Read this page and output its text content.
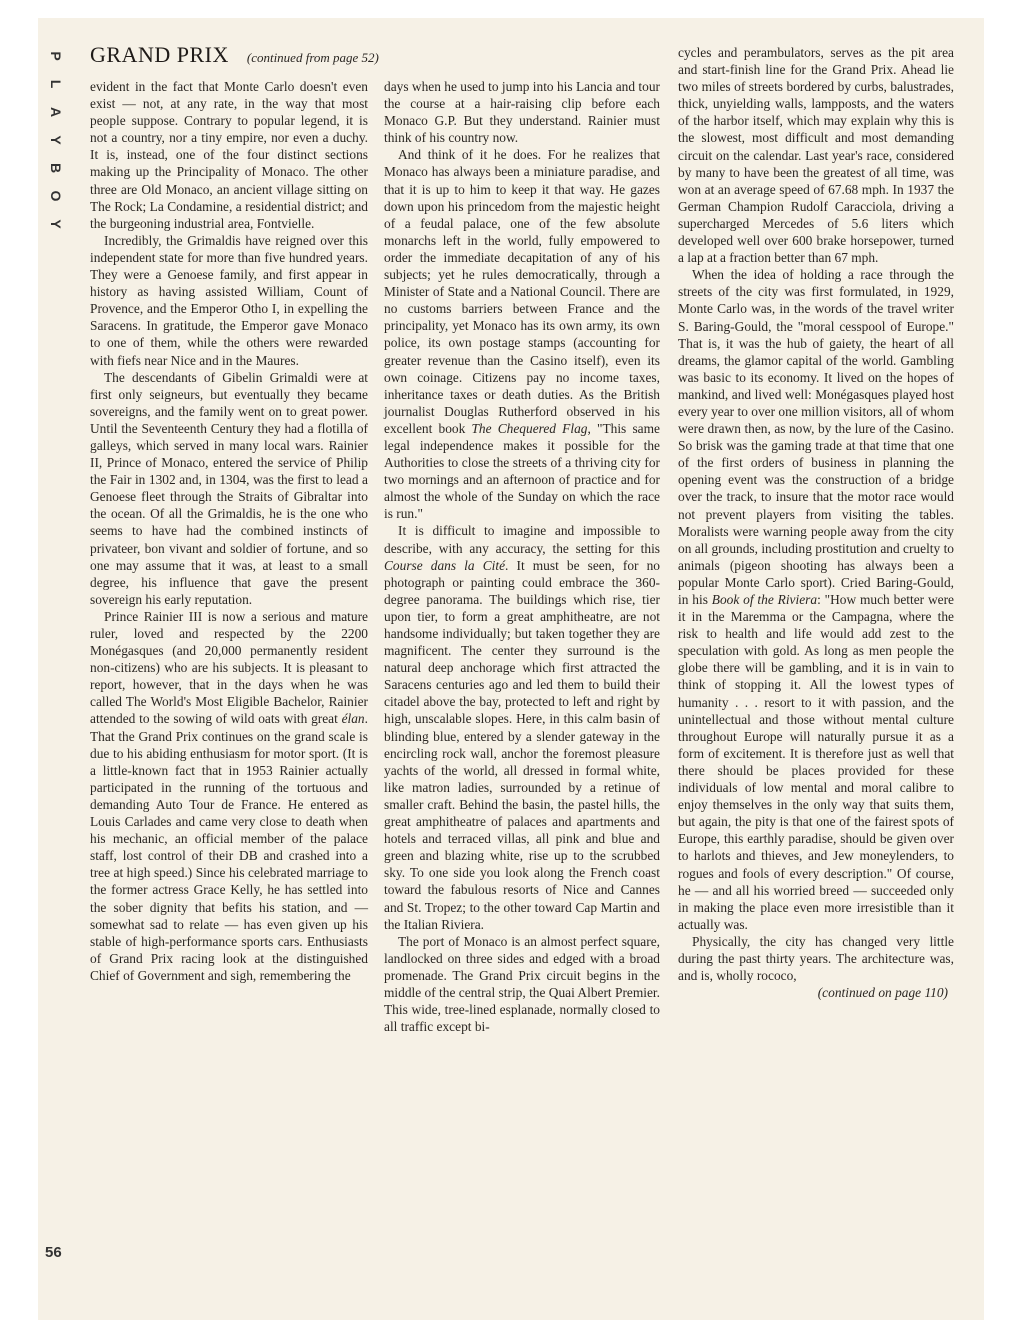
P
L
A
Y
B
O
Y
56
GRAND PRIX (continued from page 52)

evident in the fact that Monte Carlo doesn't even exist — not, at any rate, in the way that most people suppose. Contrary to popular legend, it is not a country, nor a tiny empire, nor even a duchy. It is, instead, one of the four distinct sections making up the Principality of Monaco. The other three are Old Monaco, an ancient village sitting on The Rock; La Condamine, a residential district; and the burgeoning industrial area, Fontvielle.

Incredibly, the Grimaldis have reigned over this independent state for more than five hundred years. They were a Genoese family, and first appear in history as having assisted William, Count of Provence, and the Emperor Otho I, in expelling the Saracens. In gratitude, the Emperor gave Monaco to one of them, while the others were rewarded with fiefs near Nice and in the Maures.

The descendants of Gibelin Grimaldi were at first only seigneurs, but eventually they became sovereigns, and the family went on to great power. Until the Seventeenth Century they had a flotilla of galleys, which served in many local wars. Rainier II, Prince of Monaco, entered the service of Philip the Fair in 1302 and, in 1304, was the first to lead a Genoese fleet through the Straits of Gibraltar into the ocean. Of all the Grimaldis, he is the one who seems to have had the combined instincts of privateer, bon vivant and soldier of fortune, and so one may assume that it was, at least to a small degree, his influence that gave the present sovereign his early reputation.

Prince Rainier III is now a serious and mature ruler, loved and respected by the 2200 Monégasques (and 20,000 permanently resident non-citizens) who are his subjects. It is pleasant to report, however, that in the days when he was called The World's Most Eligible Bachelor, Rainier attended to the sowing of wild oats with great élan. That the Grand Prix continues on the grand scale is due to his abiding enthusiasm for motor sport. (It is a little-known fact that in 1953 Rainier actually participated in the running of the tortuous and demanding Auto Tour de France. He entered as Louis Carlades and came very close to death when his mechanic, an official member of the palace staff, lost control of their DB and crashed into a tree at high speed.) Since his celebrated marriage to the former actress Grace Kelly, he has settled into the sober dignity that befits his station, and — somewhat sad to relate — has even given up his stable of high-performance sports cars. Enthusiasts of Grand Prix racing look at the distinguished Chief of Government and sigh, remembering the

days when he used to jump into his Lancia and tour the course at a hair-raising clip before each Monaco G.P. But they understand. Rainier must think of his country now.

And think of it he does. For he realizes that Monaco has always been a miniature paradise, and that it is up to him to keep it that way. He gazes down upon his princedom from the majestic height of a feudal palace, one of the few absolute monarchs left in the world, fully empowered to order the immediate decapitation of any of his subjects; yet he rules democratically, through a Minister of State and a National Council. There are no customs barriers between France and the principality, yet Monaco has its own army, its own police, its own postage stamps (accounting for greater revenue than the Casino itself), even its own coinage. Citizens pay no income taxes, inheritance taxes or death duties. As the British journalist Douglas Rutherford observed in his excellent book The Chequered Flag, "This same legal independence makes it possible for the Authorities to close the streets of a thriving city for two mornings and an afternoon of practice and for almost the whole of the Sunday on which the race is run."

It is difficult to imagine and impossible to describe, with any accuracy, the setting for this Course dans la Cité. It must be seen, for no photograph or painting could embrace the 360-degree panorama. The buildings which rise, tier upon tier, to form a great amphitheatre, are not handsome individually; but taken together they are magnificent. The center they surround is the natural deep anchorage which first attracted the Saracens centuries ago and led them to build their citadel above the bay, protected to left and right by high, unscalable slopes. Here, in this calm basin of blinding blue, entered by a slender gateway in the encircling rock wall, anchor the foremost pleasure yachts of the world, all dressed in formal white, like matron ladies, surrounded by a retinue of smaller craft. Behind the basin, the pastel hills, the great amphitheatre of palaces and apartments and hotels and terraced villas, all pink and blue and green and blazing white, rise up to the scrubbed sky. To one side you look along the French coast toward the fabulous resorts of Nice and Cannes and St. Tropez; to the other toward Cap Martin and the Italian Riviera.

The port of Monaco is an almost perfect square, landlocked on three sides and edged with a broad promenade. The Grand Prix circuit begins in the middle of the central strip, the Quai Albert Premier. This wide, tree-lined esplanade, normally closed to all traffic except bi-

cycles and perambulators, serves as the pit area and start-finish line for the Grand Prix. Ahead lie two miles of streets bordered by curbs, balustrades, thick, unyielding walls, lampposts, and the waters of the harbor itself, which may explain why this is the slowest, most difficult and most demanding circuit on the calendar. Last year's race, considered by many to have been the greatest of all time, was won at an average speed of 67.68 mph. In 1937 the German Champion Rudolf Caracciola, driving a supercharged Mercedes of 5.6 liters which developed well over 600 brake horsepower, turned a lap at a fraction better than 67 mph.

When the idea of holding a race through the streets of the city was first formulated, in 1929, Monte Carlo was, in the words of the travel writer S. Baring-Gould, the "moral cesspool of Europe." That is, it was the hub of gaiety, the heart of all dreams, the glamor capital of the world. Gambling was basic to its economy. It lived on the hopes of mankind, and lived well: Monégasques played host every year to over one million visitors, all of whom were drawn then, as now, by the lure of the Casino. So brisk was the gaming trade at that time that one of the first orders of business in planning the opening event was the construction of a bridge over the track, to insure that the motor race would not prevent players from visiting the tables. Moralists were warning people away from the city on all grounds, including prostitution and cruelty to animals (pigeon shooting has always been a popular Monte Carlo sport). Cried Baring-Gould, in his Book of the Riviera: "How much better were it in the Maremma or the Campagna, where the risk to health and life would add zest to the speculation with gold. As long as men people the globe there will be gambling, and it is in vain to think of stopping it. All the lowest types of humanity . . . resort to it with passion, and the unintellectual and those without mental culture throughout Europe will naturally pursue it as a form of excitement. It is therefore just as well that there should be places provided for these individuals of low mental and moral calibre to enjoy themselves in the only way that suits them, but again, the pity is that one of the fairest spots of Europe, this earthly paradise, should be given over to harlots and thieves, and Jew moneylenders, to rogues and fools of every description." Of course, he — and all his worried breed — succeeded only in making the place even more irresistible than it actually was.

Physically, the city has changed very little during the past thirty years. The architecture was, and is, wholly rococo,

(continued on page 110)
